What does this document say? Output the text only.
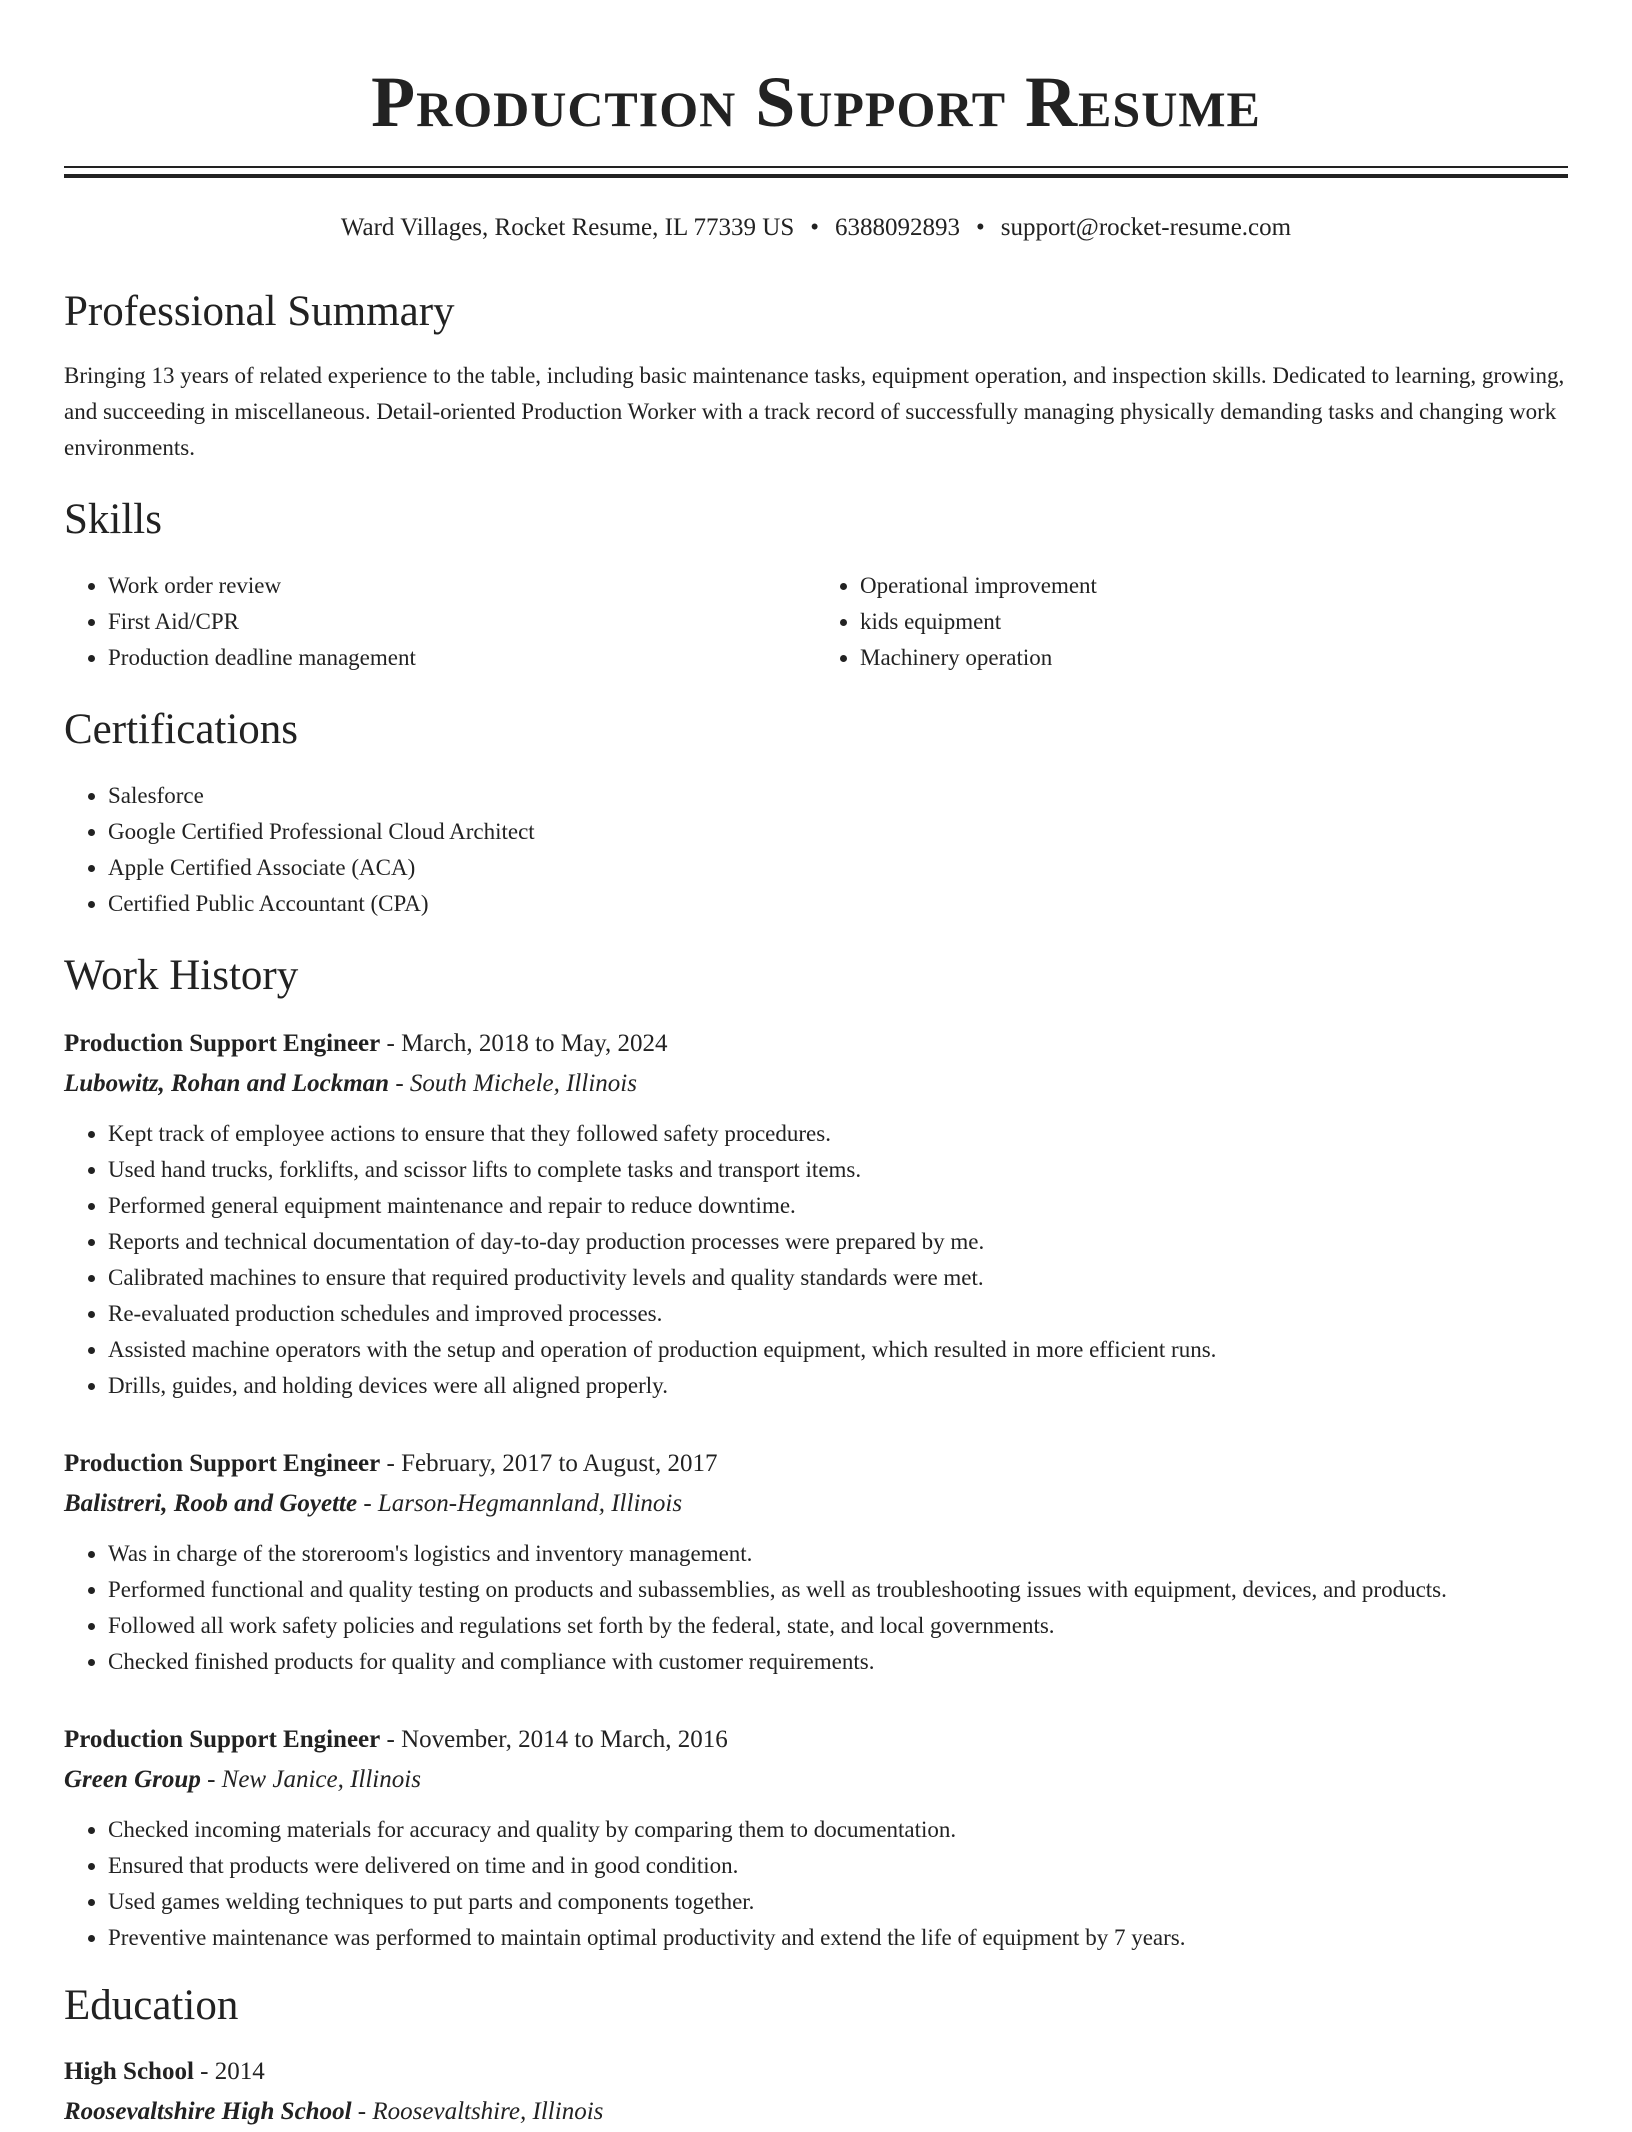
Production Support Resume
Ward Villages, Rocket Resume, IL 77339 US • 6388092893 • support@rocket-resume.com
Professional Summary

Bringing 13 years of related experience to the table, including basic maintenance tasks, equipment operation, and inspection skills. Dedicated to learning, growing, and succeeding in miscellaneous. Detail-oriented Production Worker with a track record of successfully managing physically demanding tasks and changing work environments.

Skills
• Work order review
• First Aid/CPR
• Production deadline management
• Operational improvement
• kids equipment
• Machinery operation
Certifications
• Salesforce
• Google Certified Professional Cloud Architect
• Apple Certified Associate (ACA)
• Certified Public Accountant (CPA)
Work History
Production Support Engineer - March, 2018 to May, 2024
Lubowitz, Rohan and Lockman - South Michele, Illinois
• Kept track of employee actions to ensure that they followed safety procedures.
• Used hand trucks, forklifts, and scissor lifts to complete tasks and transport items.
• Performed general equipment maintenance and repair to reduce downtime.
• Reports and technical documentation of day-to-day production processes were prepared by me.
• Calibrated machines to ensure that required productivity levels and quality standards were met.
• Re-evaluated production schedules and improved processes.
• Assisted machine operators with the setup and operation of production equipment, which resulted in more efficient runs.
• Drills, guides, and holding devices were all aligned properly.
Production Support Engineer - February, 2017 to August, 2017
Balistreri, Roob and Goyette - Larson-Hegmannland, Illinois
• Was in charge of the storeroom's logistics and inventory management.
• Performed functional and quality testing on products and subassemblies, as well as troubleshooting issues with equipment, devices, and products.
• Followed all work safety policies and regulations set forth by the federal, state, and local governments.
• Checked finished products for quality and compliance with customer requirements.
Production Support Engineer - November, 2014 to March, 2016
Green Group - New Janice, Illinois
• Checked incoming materials for accuracy and quality by comparing them to documentation.
• Ensured that products were delivered on time and in good condition.
• Used games welding techniques to put parts and components together.
• Preventive maintenance was performed to maintain optimal productivity and extend the life of equipment by 7 years.
Education
High School - 2014
Roosevaltshire High School - Roosevaltshire, Illinois
